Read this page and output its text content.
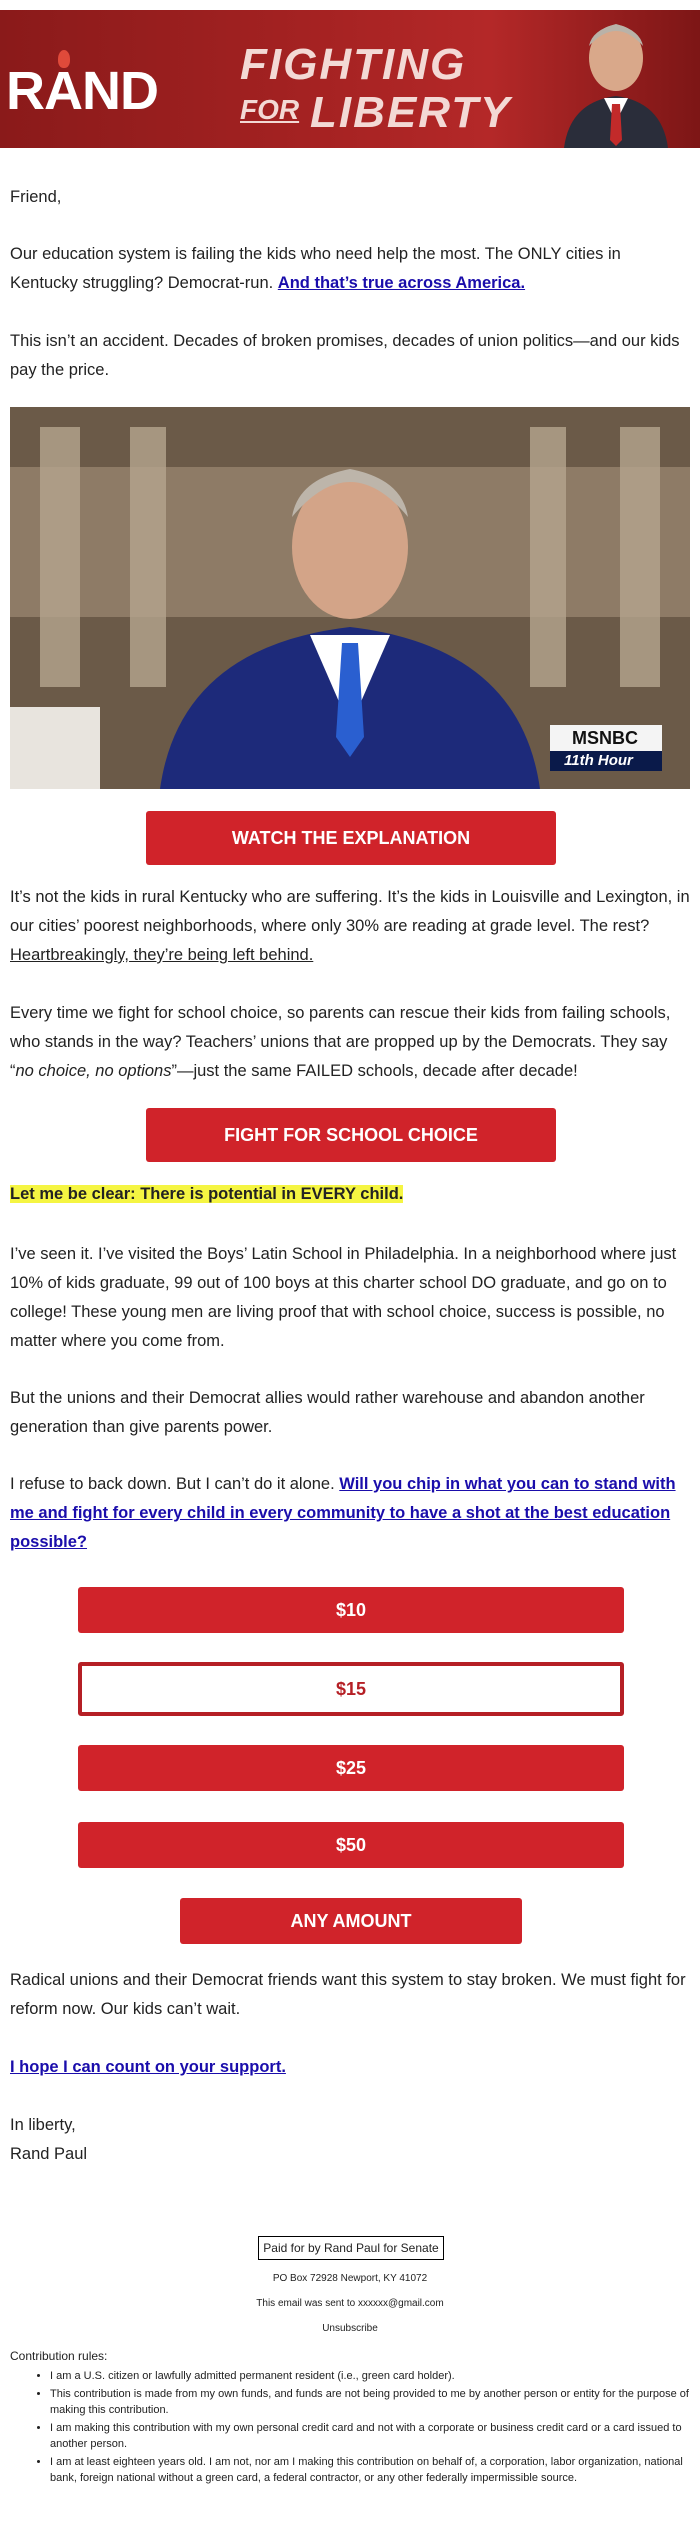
RAND FIGHTING
FOR LIBERTY
Friend,
Our education system is failing the kids who need help the most. The ONLY cities in Kentucky struggling? Democrat-run. And that’s true across America.
This isn’t an accident. Decades of broken promises, decades of union politics—and our kids pay the price.
MSNBC
11th Hour
WATCH THE EXPLANATION
It’s not the kids in rural Kentucky who are suffering. It’s the kids in Louisville and Lexington, in our cities’ poorest neighborhoods, where only 30% are reading at grade level. The rest? Heartbreakingly, they’re being left behind.
Every time we fight for school choice, so parents can rescue their kids from failing schools, who stands in the way? Teachers’ unions that are propped up by the Democrats. They say “no choice, no options”—just the same FAILED schools, decade after decade!
FIGHT FOR SCHOOL CHOICE
Let me be clear: There is potential in EVERY child.
I’ve seen it. I’ve visited the Boys’ Latin School in Philadelphia. In a neighborhood where just 10% of kids graduate, 99 out of 100 boys at this charter school DO graduate, and go on to college! These young men are living proof that with school choice, success is possible, no matter where you come from.
But the unions and their Democrat allies would rather warehouse and abandon another generation than give parents power.
I refuse to back down. But I can’t do it alone. Will you chip in what you can to stand with me and fight for every child in every community to have a shot at the best education possible?
$10
$15
$25
$50
ANY AMOUNT
Radical unions and their Democrat friends want this system to stay broken. We must fight for reform now. Our kids can’t wait.
I hope I can count on your support.
In liberty,
Rand Paul
Paid for by Rand Paul for Senate
PO Box 72928 Newport, KY 41072
This email was sent to xxxxxx@gmail.com
Unsubscribe
Contribution rules:
• I am a U.S. citizen or lawfully admitted permanent resident (i.e., green card holder).
• This contribution is made from my own funds, and funds are not being provided to me by another person or entity for the purpose of making this contribution.
• I am making this contribution with my own personal credit card and not with a corporate or business credit card or a card issued to another person.
• I am at least eighteen years old. I am not, nor am I making this contribution on behalf of, a corporation, labor organization, national bank, foreign national without a green card, a federal contractor, or any other federally impermissible source.
